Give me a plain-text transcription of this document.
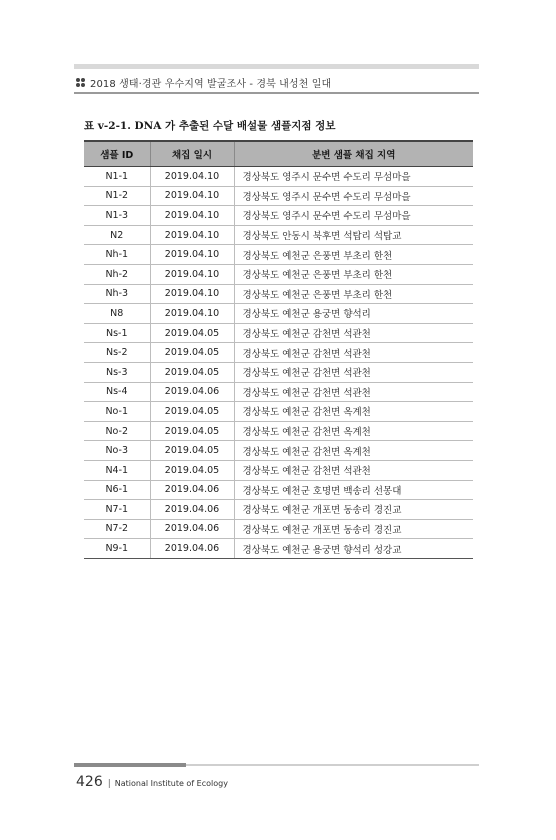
2018 생태·경관 우수지역 발굴조사 - 경북 내성천 일대
표 v-2-1. DNA 가 추출된 수달 배설물 샘플지점 정보
샘플 ID	채집 일시	분변 샘플 채집 지역
N1-1	2019.04.10	경상북도 영주시 문수면 수도리 무섬마을
N1-2	2019.04.10	경상북도 영주시 문수면 수도리 무섬마을
N1-3	2019.04.10	경상북도 영주시 문수면 수도리 무섬마을
N2	2019.04.10	경상북도 안동시 북후면 석탑리 석탑교
Nh-1	2019.04.10	경상북도 예천군 은풍면 부초리 한천
Nh-2	2019.04.10	경상북도 예천군 은풍면 부초리 한천
Nh-3	2019.04.10	경상북도 예천군 은풍면 부초리 한천
N8	2019.04.10	경상북도 예천군 용궁면 향석리
Ns-1	2019.04.05	경상북도 예천군 감천면 석관천
Ns-2	2019.04.05	경상북도 예천군 감천면 석관천
Ns-3	2019.04.05	경상북도 예천군 감천면 석관천
Ns-4	2019.04.06	경상북도 예천군 감천면 석관천
No-1	2019.04.05	경상북도 예천군 감천면 옥계천
No-2	2019.04.05	경상북도 예천군 감천면 옥계천
No-3	2019.04.05	경상북도 예천군 감천면 옥계천
N4-1	2019.04.05	경상북도 예천군 감천면 석관천
N6-1	2019.04.06	경상북도 예천군 호명면 백송리 선몽대
N7-1	2019.04.06	경상북도 예천군 개포면 동송리 경진교
N7-2	2019.04.06	경상북도 예천군 개포면 동송리 경진교
N9-1	2019.04.06	경상북도 예천군 용궁면 향석리 성강교
426 | National Institute of Ecology
